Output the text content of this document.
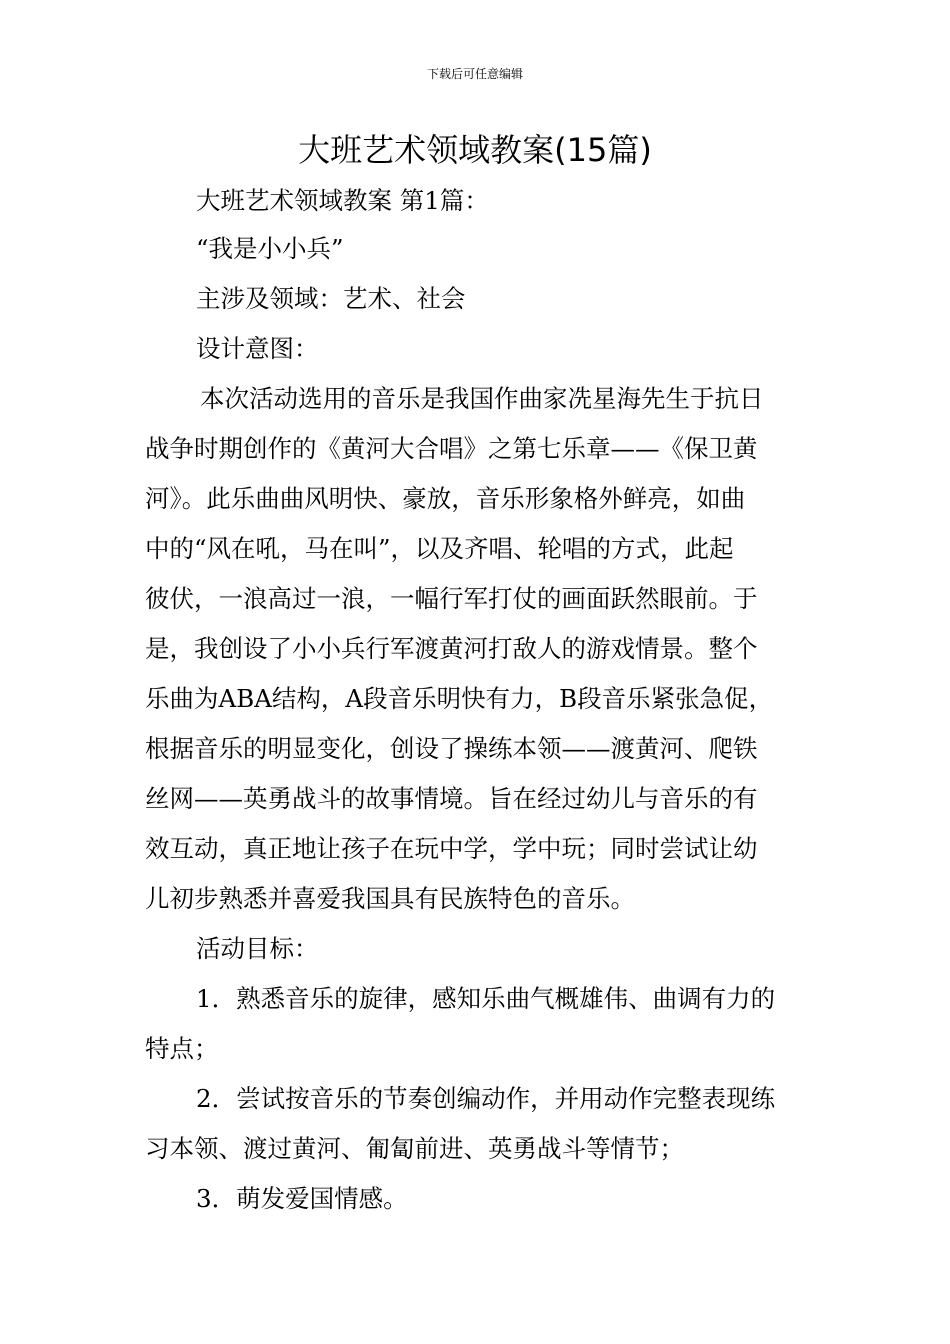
下载后可任意编辑
大班艺术领域教案(15篇)

大班艺术领域教案 第1篇：

“我是小小兵”

主涉及领域：艺术、社会

设计意图：

本次活动选用的音乐是我国作曲家冼星海先生于抗日

战争时期创作的《黄河大合唱》之第七乐章——《保卫黄

河》。此乐曲曲风明快、豪放，音乐形象格外鲜亮，如曲

中的“风在吼，马在叫”，以及齐唱、轮唱的方式，此起

彼伏，一浪高过一浪，一幅行军打仗的画面跃然眼前。于

是，我创设了小小兵行军渡黄河打敌人的游戏情景。整个

乐曲为ABA结构，A段音乐明快有力，B段音乐紧张急促，

根据音乐的明显变化，创设了操练本领——渡黄河、爬铁

丝网——英勇战斗的故事情境。旨在经过幼儿与音乐的有

效互动，真正地让孩子在玩中学，学中玩；同时尝试让幼

儿初步熟悉并喜爱我国具有民族特色的音乐。

活动目标：

1．熟悉音乐的旋律，感知乐曲气概雄伟、曲调有力的

特点；

2．尝试按音乐的节奏创编动作，并用动作完整表现练

习本领、渡过黄河、匍匐前进、英勇战斗等情节；

3．萌发爱国情感。
